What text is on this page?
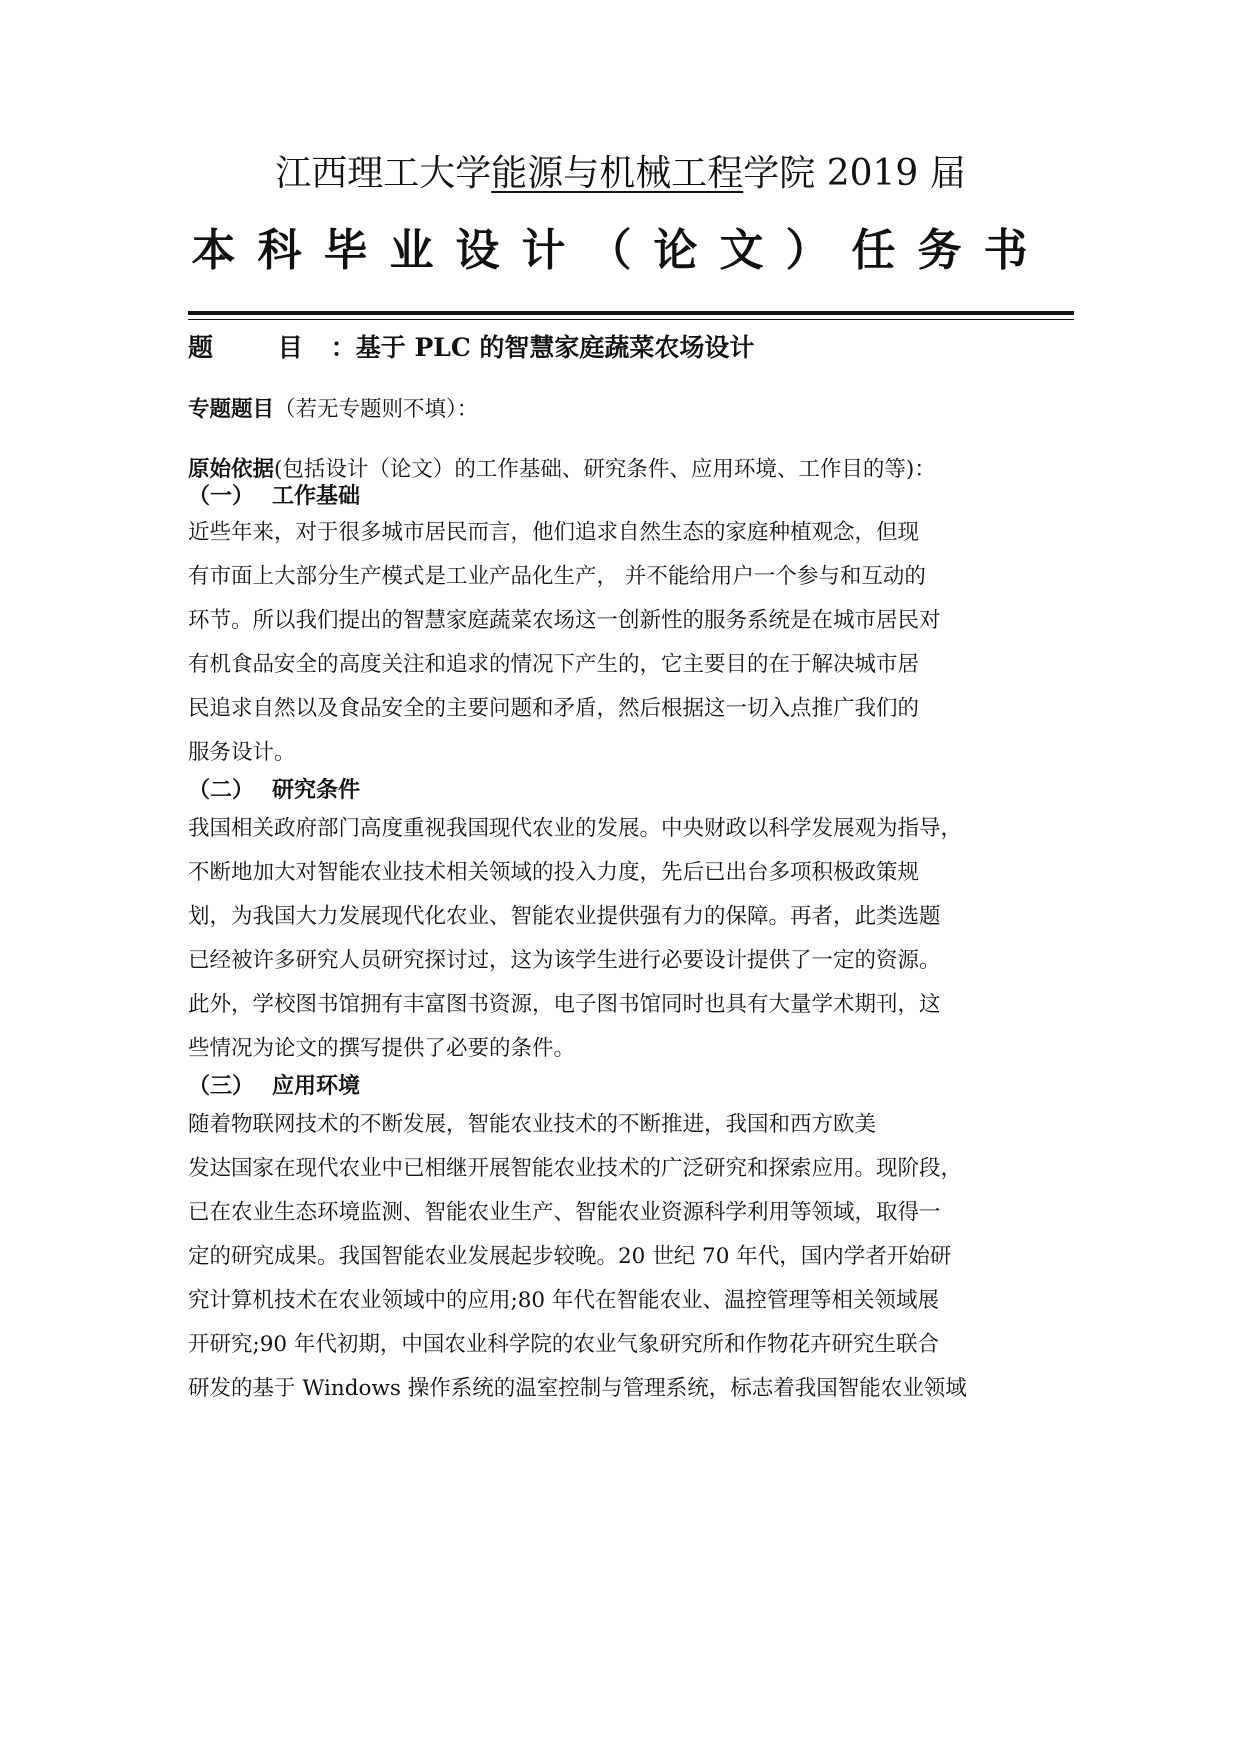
江西理工大学能源与机械工程学院 2019 届
本科毕业设计（论文）任务书
题 目：基于 PLC 的智慧家庭蔬菜农场设计
专题题目（若无专题则不填）：
原始依据(包括设计（论文）的工作基础、研究条件、应用环境、工作目的等)：
（一） 工作基础
近些年来，对于很多城市居民而言，他们追求自然生态的家庭种植观念，但现
有市面上大部分生产模式是工业产品化生产， 并不能给用户一个参与和互动的
环节。所以我们提出的智慧家庭蔬菜农场这一创新性的服务系统是在城市居民对
有机食品安全的高度关注和追求的情况下产生的，它主要目的在于解决城市居
民追求自然以及食品安全的主要问题和矛盾，然后根据这一切入点推广我们的
服务设计。
（二） 研究条件
我国相关政府部门高度重视我国现代农业的发展。中央财政以科学发展观为指导，
不断地加大对智能农业技术相关领域的投入力度，先后已出台多项积极政策规
划，为我国大力发展现代化农业、智能农业提供强有力的保障。再者，此类选题
已经被许多研究人员研究探讨过，这为该学生进行必要设计提供了一定的资源。
此外，学校图书馆拥有丰富图书资源，电子图书馆同时也具有大量学术期刊，这
些情况为论文的撰写提供了必要的条件。
（三） 应用环境
随着物联网技术的不断发展，智能农业技术的不断推进，我国和西方欧美
发达国家在现代农业中已相继开展智能农业技术的广泛研究和探索应用。现阶段，
已在农业生态环境监测、智能农业生产、智能农业资源科学利用等领域，取得一
定的研究成果。我国智能农业发展起步较晚。20 世纪 70 年代，国内学者开始研
究计算机技术在农业领域中的应用;80 年代在智能农业、温控管理等相关领域展
开研究;90 年代初期，中国农业科学院的农业气象研究所和作物花卉研究生联合
研发的基于 Windows 操作系统的温室控制与管理系统，标志着我国智能农业领域
